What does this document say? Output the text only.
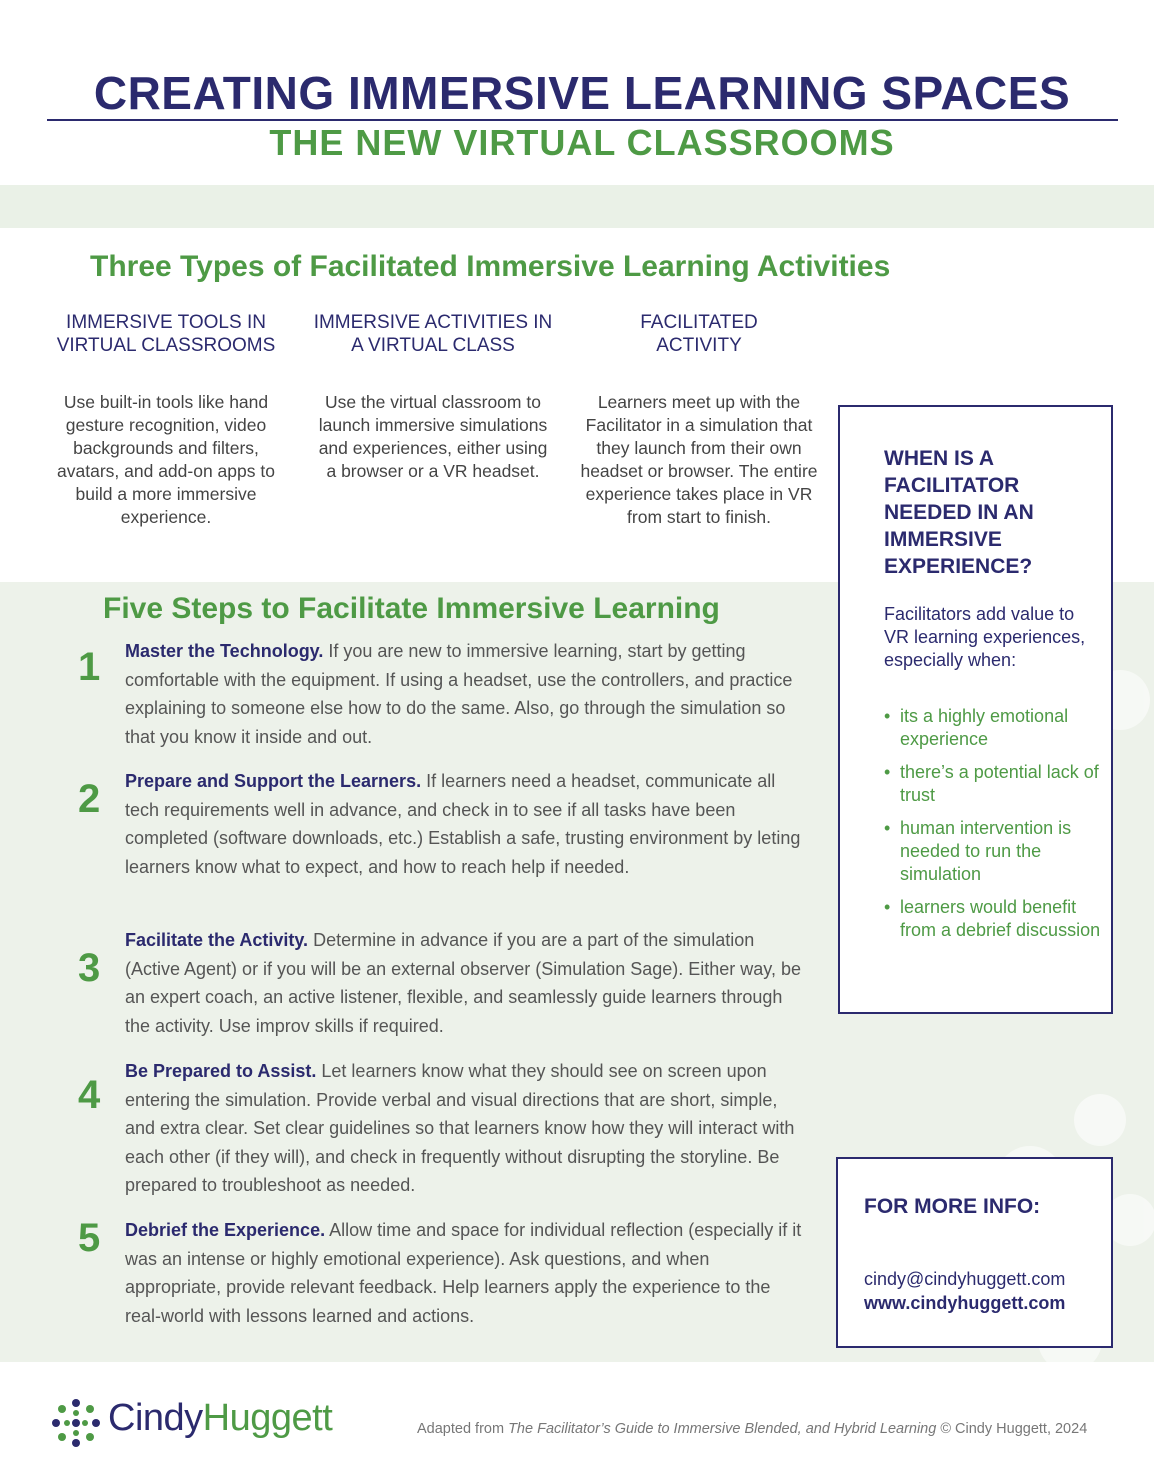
CREATING IMMERSIVE LEARNING SPACES
THE NEW VIRTUAL CLASSROOMS
Three Types of Facilitated Immersive Learning Activities
IMMERSIVE TOOLS IN
VIRTUAL CLASSROOMS

Use built-in tools like hand gesture recognition, video backgrounds and filters, avatars, and add-on apps to build a more immersive experience.

IMMERSIVE ACTIVITIES IN
A VIRTUAL CLASS

Use the virtual classroom to launch immersive simulations and experiences, either using a browser or a VR headset.

FACILITATED
ACTIVITY

Learners meet up with the Facilitator in a simulation that they launch from their own headset or browser. The entire experience takes place in VR from start to finish.

Five Steps to Facilitate Immersive Learning
1	Master the Technology. If you are new to immersive learning, start by getting comfortable with the equipment. If using a headset, use the controllers, and practice explaining to someone else how to do the same. Also, go through the simulation so that you know it inside and out.
2	Prepare and Support the Learners. If learners need a headset, communicate all tech requirements well in advance, and check in to see if all tasks have been completed (software downloads, etc.) Establish a safe, trusting environment by leting learners know what to expect, and how to reach help if needed.
3
Facilitate the Activity. Determine in advance if you are a part of the simulation (Active Agent) or if you will be an external observer (Simulation Sage). Either way, be an expert coach, an active listener, flexible, and seamlessly guide learners through the activity. Use improv skills if required.
4
Be Prepared to Assist. Let learners know what they should see on screen upon entering the simulation. Provide verbal and visual directions that are short, simple, and extra clear. Set clear guidelines so that learners know how they will interact with each other (if they will), and check in frequently without disrupting the storyline. Be prepared to troubleshoot as needed.
5	Debrief the Experience. Allow time and space for individual reflection (especially if it was an intense or highly emotional experience). Ask questions, and when appropriate, provide relevant feedback. Help learners apply the experience to the real-world with lessons learned and actions.
WHEN IS A FACILITATOR NEEDED IN AN IMMERSIVE EXPERIENCE?
Facilitators add value to VR learning experiences, especially when:
• its a highly emotional experience
• there’s a potential lack of trust
• human intervention is needed to run the simulation
• learners would benefit from a debrief discussion
FOR MORE INFO:
cindy@cindyhuggett.com
www.cindyhuggett.com
CindyHuggett	Adapted from The Facilitator’s Guide to Immersive Blended, and Hybrid Learning © Cindy Huggett, 2024
